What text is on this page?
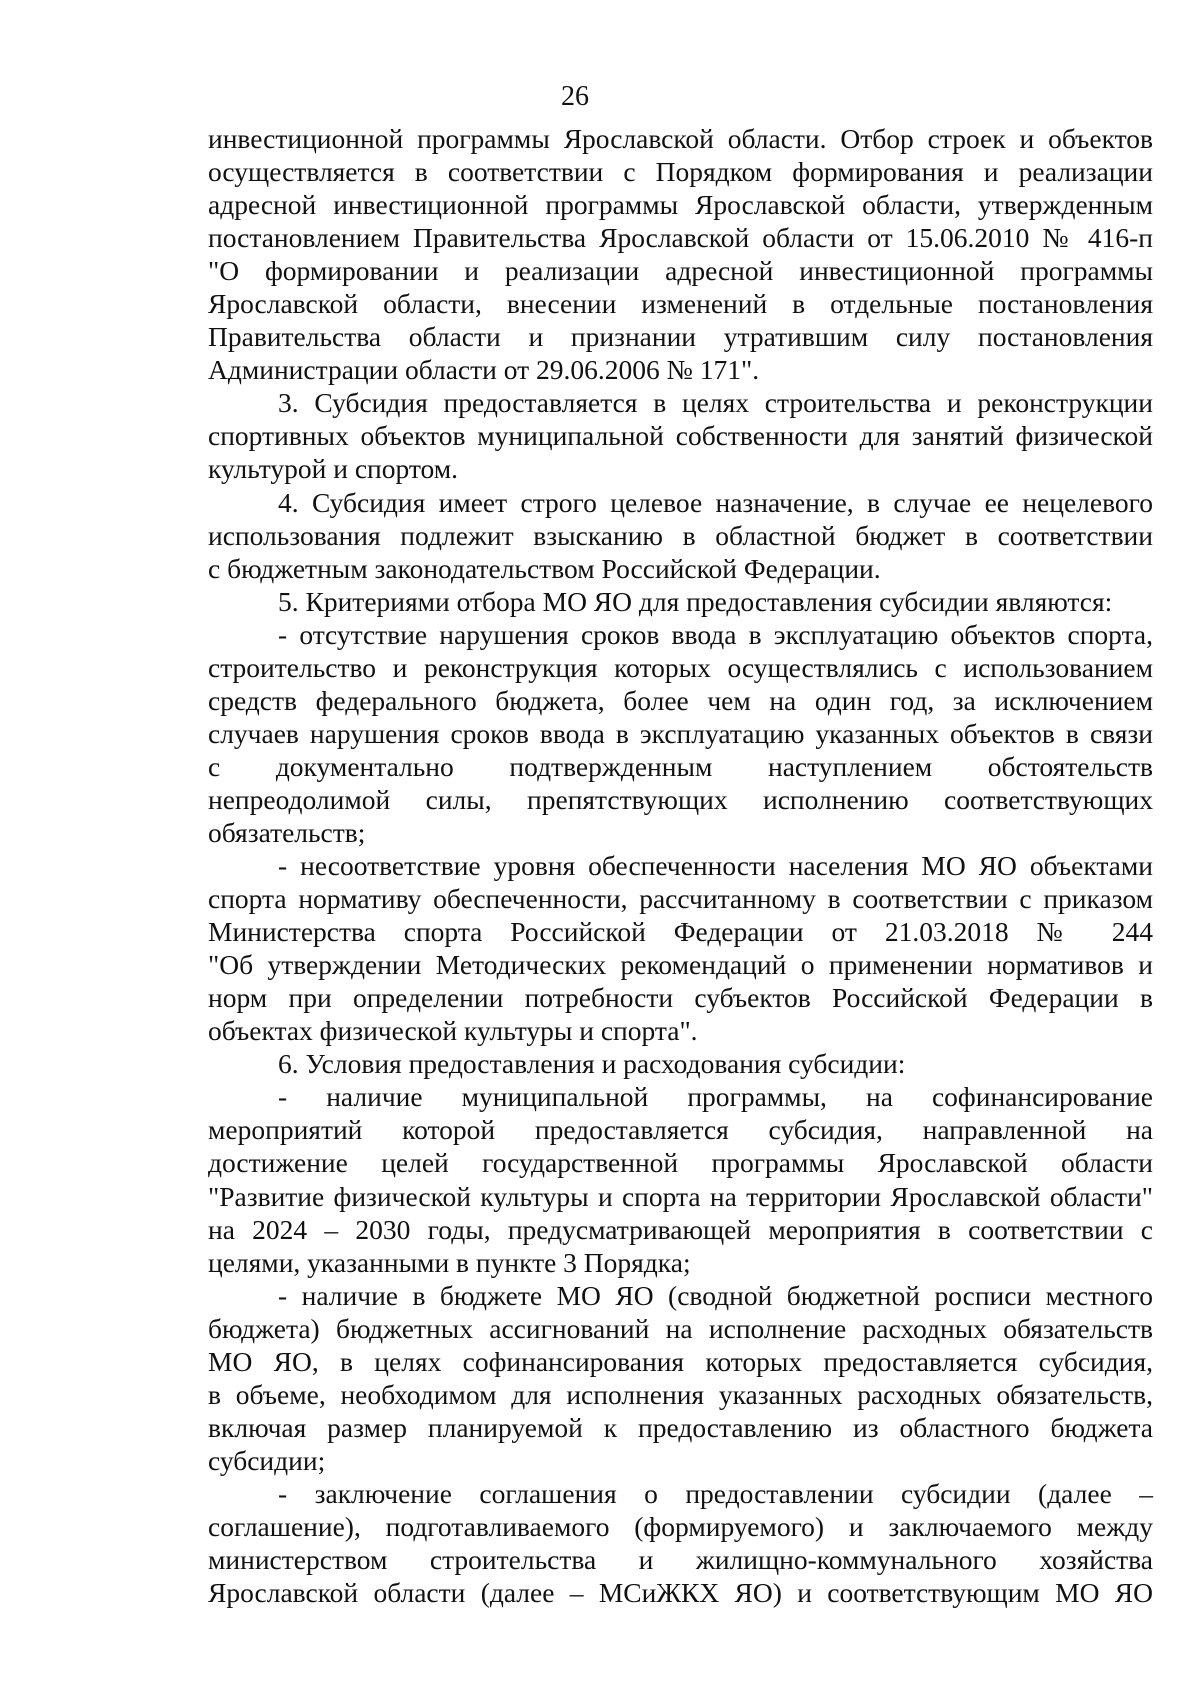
26
инвестиционной программы Ярославской области. Отбор строек и объектов
осуществляется в соответствии с Порядком формирования и реализации
адресной инвестиционной программы Ярославской области, утвержденным
постановлением Правительства Ярославской области от 15.06.2010 № 416-п
"О формировании и реализации адресной инвестиционной программы
Ярославской области, внесении изменений в отдельные постановления
Правительства области и признании утратившим силу постановления
Администрации области от 29.06.2006 № 171".
3. Субсидия предоставляется в целях строительства и реконструкции
спортивных объектов муниципальной собственности для занятий физической
культурой и спортом.
4. Субсидия имеет строго целевое назначение, в случае ее нецелевого
использования подлежит взысканию в областной бюджет в соответствии
с бюджетным законодательством Российской Федерации.
5. Критериями отбора МО ЯО для предоставления субсидии являются:
- отсутствие нарушения сроков ввода в эксплуатацию объектов спорта,
строительство и реконструкция которых осуществлялись с использованием
средств федерального бюджета, более чем на один год, за исключением
случаев нарушения сроков ввода в эксплуатацию указанных объектов в связи
с документально подтвержденным наступлением обстоятельств
непреодолимой силы, препятствующих исполнению соответствующих
обязательств;
- несоответствие уровня обеспеченности населения МО ЯО объектами
спорта нормативу обеспеченности, рассчитанному в соответствии с приказом
Министерства спорта Российской Федерации от 21.03.2018 № 244
"Об утверждении Методических рекомендаций о применении нормативов и
норм при определении потребности субъектов Российской Федерации в
объектах физической культуры и спорта".
6. Условия предоставления и расходования субсидии:
- наличие муниципальной программы, на софинансирование
мероприятий которой предоставляется субсидия, направленной на
достижение целей государственной программы Ярославской области
"Развитие физической культуры и спорта на территории Ярославской области"
на 2024 – 2030 годы, предусматривающей мероприятия в соответствии с
целями, указанными в пункте 3 Порядка;
- наличие в бюджете МО ЯО (сводной бюджетной росписи местного
бюджета) бюджетных ассигнований на исполнение расходных обязательств
МО ЯО, в целях софинансирования которых предоставляется субсидия,
в объеме, необходимом для исполнения указанных расходных обязательств,
включая размер планируемой к предоставлению из областного бюджета
субсидии;
- заключение соглашения о предоставлении субсидии (далее –
соглашение), подготавливаемого (формируемого) и заключаемого между
министерством строительства и жилищно-коммунального хозяйства
Ярославской области (далее – МСиЖКХ ЯО) и соответствующим МО ЯО
